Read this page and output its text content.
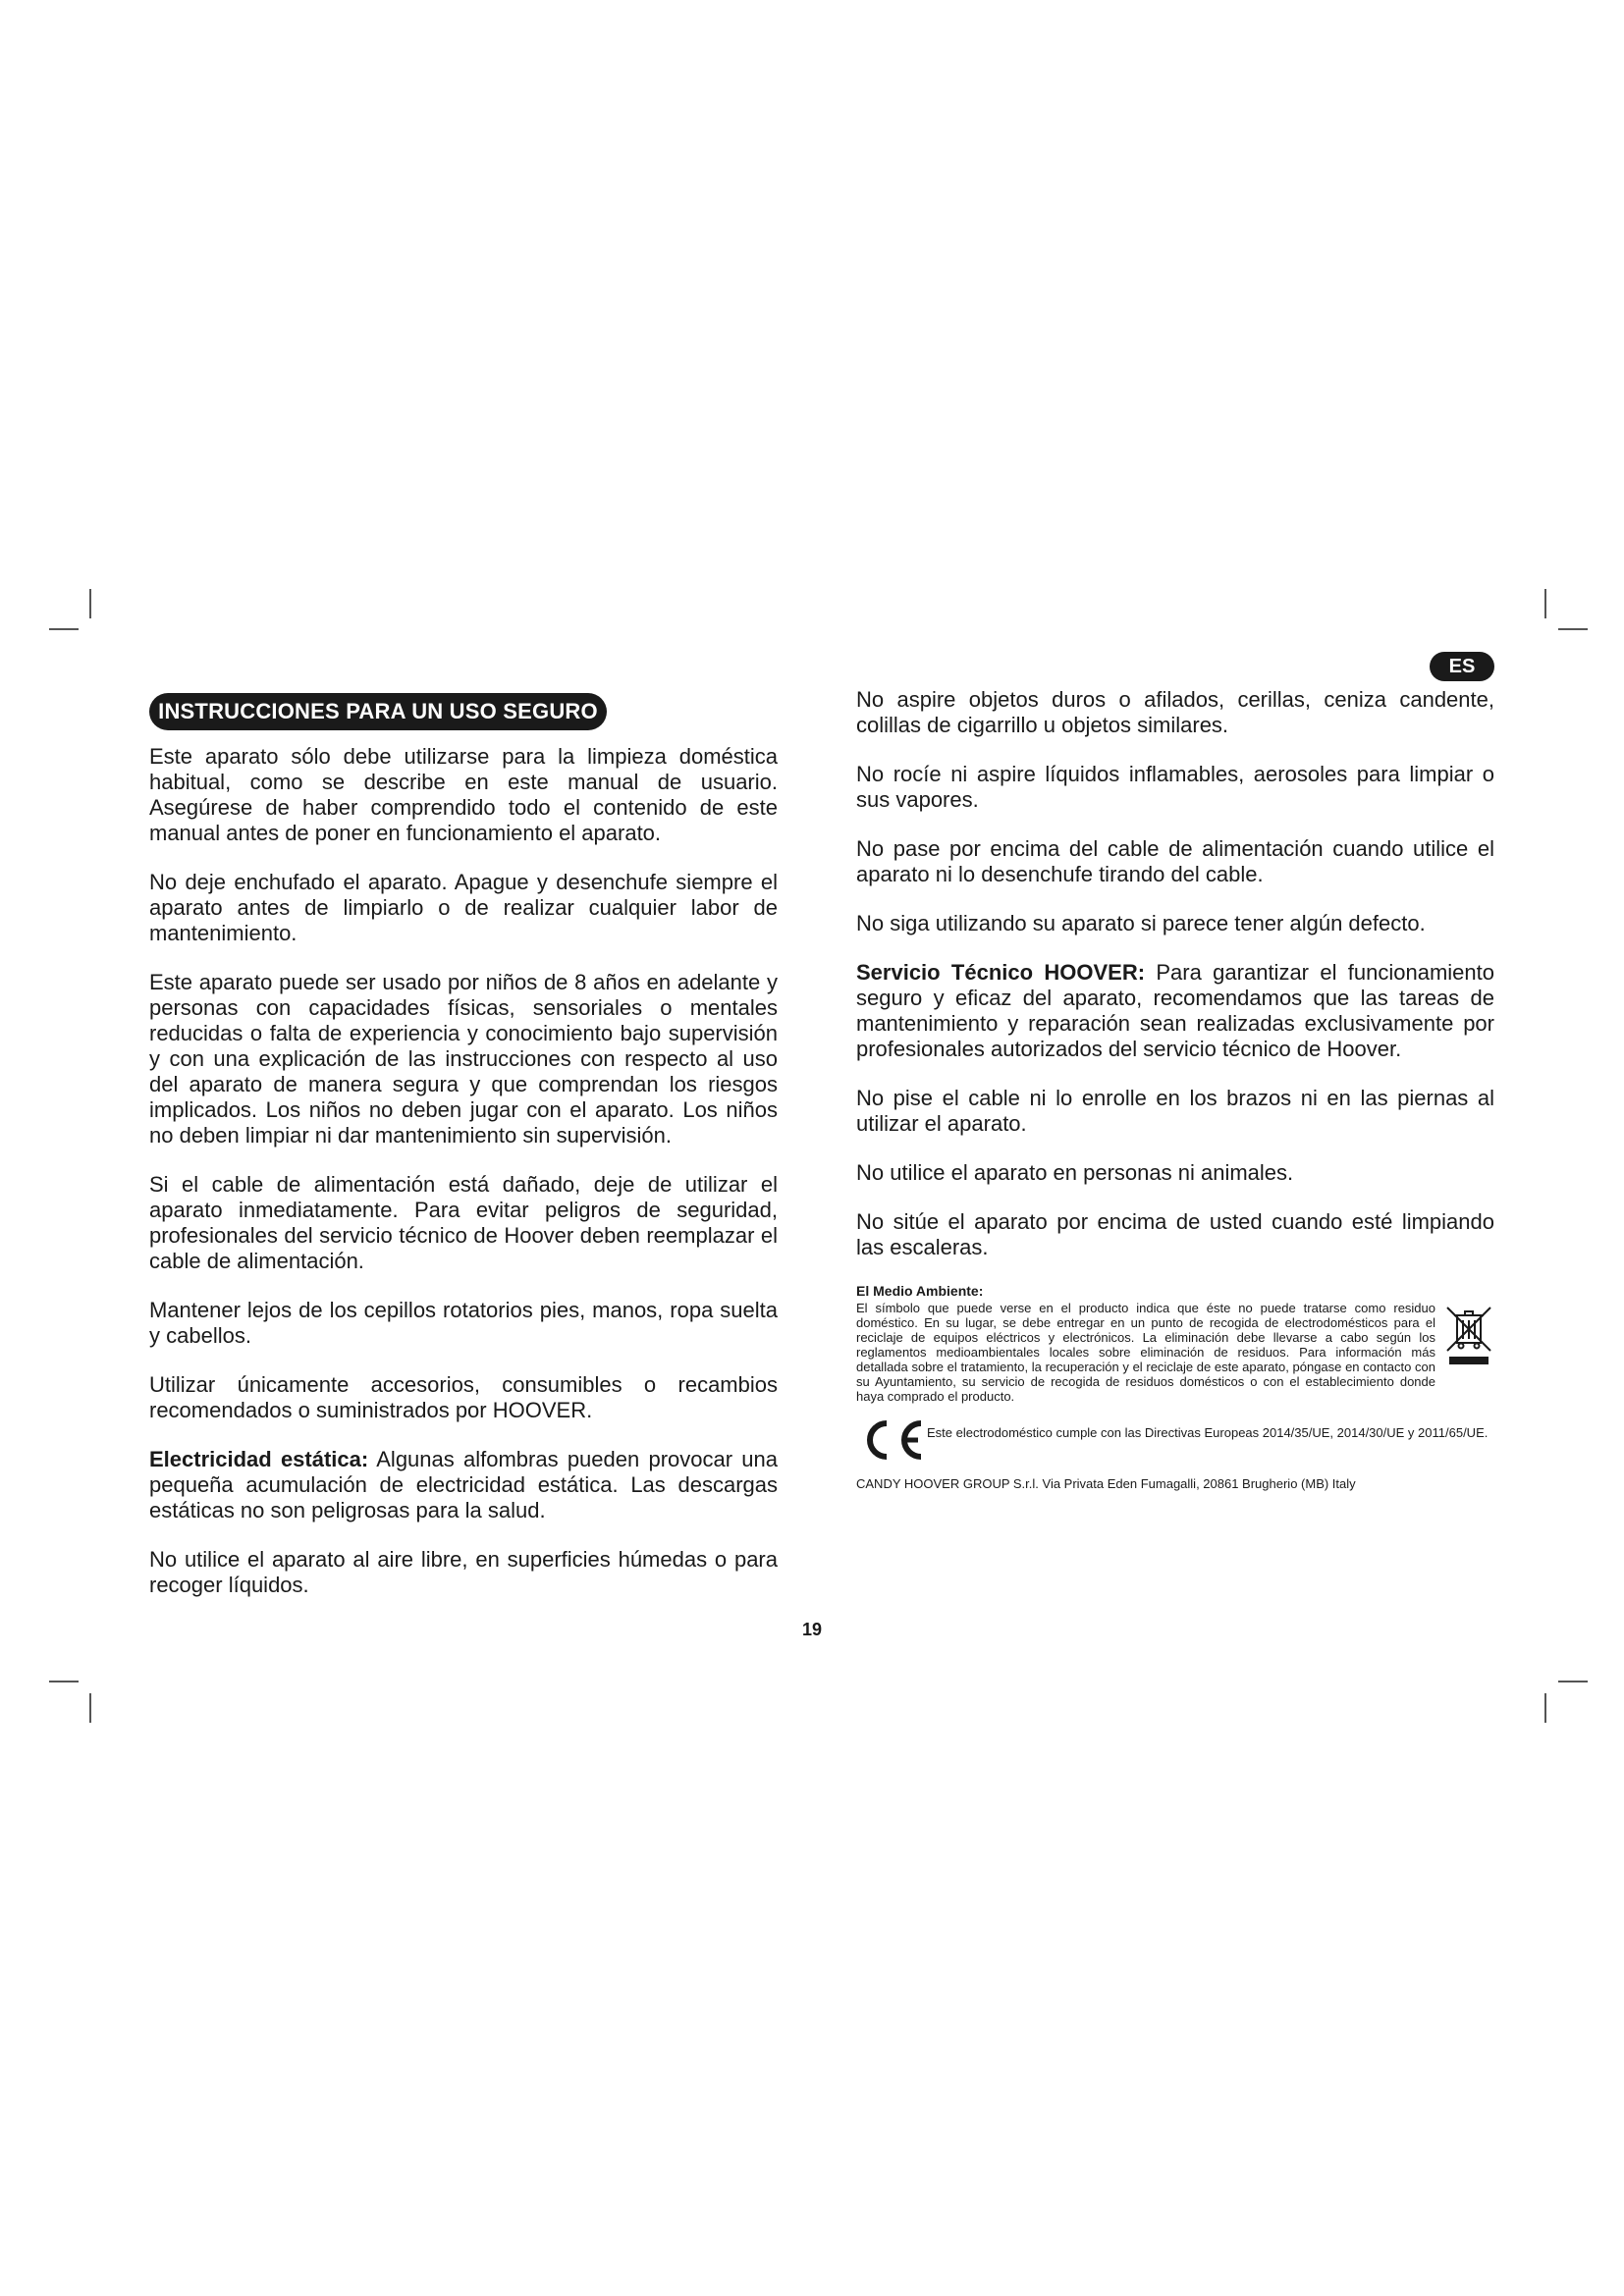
ES
INSTRUCCIONES PARA UN USO SEGURO

Este aparato sólo debe utilizarse para la limpieza doméstica habitual, como se describe en este manual de usuario. Asegúrese de haber comprendido todo el contenido de este manual antes de poner en funcionamiento el aparato.

No deje enchufado el aparato. Apague y desenchufe siempre el aparato antes de limpiarlo o de realizar cualquier labor de mantenimiento.

Este aparato puede ser usado por niños de 8 años en adelante y personas con capacidades físicas, sensoriales o mentales reducidas o falta de experiencia y conocimiento bajo supervisión y con una explicación de las instrucciones con respecto al uso del aparato de manera segura y que comprendan los riesgos implicados. Los niños no deben jugar con el aparato. Los niños no deben limpiar ni dar mantenimiento sin supervisión.

Si el cable de alimentación está dañado, deje de utilizar el aparato inmediatamente. Para evitar peligros de seguridad, profesionales del servicio técnico de Hoover deben reemplazar el cable de alimentación.

Mantener lejos de los cepillos rotatorios pies, manos, ropa suelta y cabellos.

Utilizar únicamente accesorios, consumibles o recambios recomendados o suministrados por HOOVER.

Electricidad estática: Algunas alfombras pueden provocar una pequeña acumulación de electricidad estática. Las descargas estáticas no son peligrosas para la salud.

No utilice el aparato al aire libre, en superficies húmedas o para recoger líquidos.

No aspire objetos duros o afilados, cerillas, ceniza candente, colillas de cigarrillo u objetos similares.

No rocíe ni aspire líquidos inflamables, aerosoles para limpiar o sus vapores.

No pase por encima del cable de alimentación cuando utilice el aparato ni lo desenchufe tirando del cable.

No siga utilizando su aparato si parece tener algún defecto.

Servicio Técnico HOOVER: Para garantizar el funcionamiento seguro y eficaz del aparato, recomendamos que las tareas de mantenimiento y reparación sean realizadas exclusivamente por profesionales autorizados del servicio técnico de Hoover.

No pise el cable ni lo enrolle en los brazos ni en las piernas al utilizar el aparato.

No utilice el aparato en personas ni animales.

No sitúe el aparato por encima de usted cuando esté limpiando las escaleras.

El Medio Ambiente:

El símbolo que puede verse en el producto indica que éste no puede tratarse como residuo doméstico. En su lugar, se debe entregar en un punto de recogida de electrodomésticos para el reciclaje de equipos eléctricos y electrónicos. La eliminación debe llevarse a cabo según los reglamentos medioambientales locales sobre eliminación de residuos. Para información más detallada sobre el tratamiento, la recuperación y el reciclaje de este aparato, póngase en contacto con su Ayuntamiento, su servicio de recogida de residuos domésticos o con el establecimiento donde haya comprado el producto.

Este electrodoméstico cumple con las Directivas Europeas 2014/35/UE, 2014/30/UE y 2011/65/UE.
CANDY HOOVER GROUP S.r.l. Via Privata Eden Fumagalli, 20861 Brugherio (MB) Italy
19
